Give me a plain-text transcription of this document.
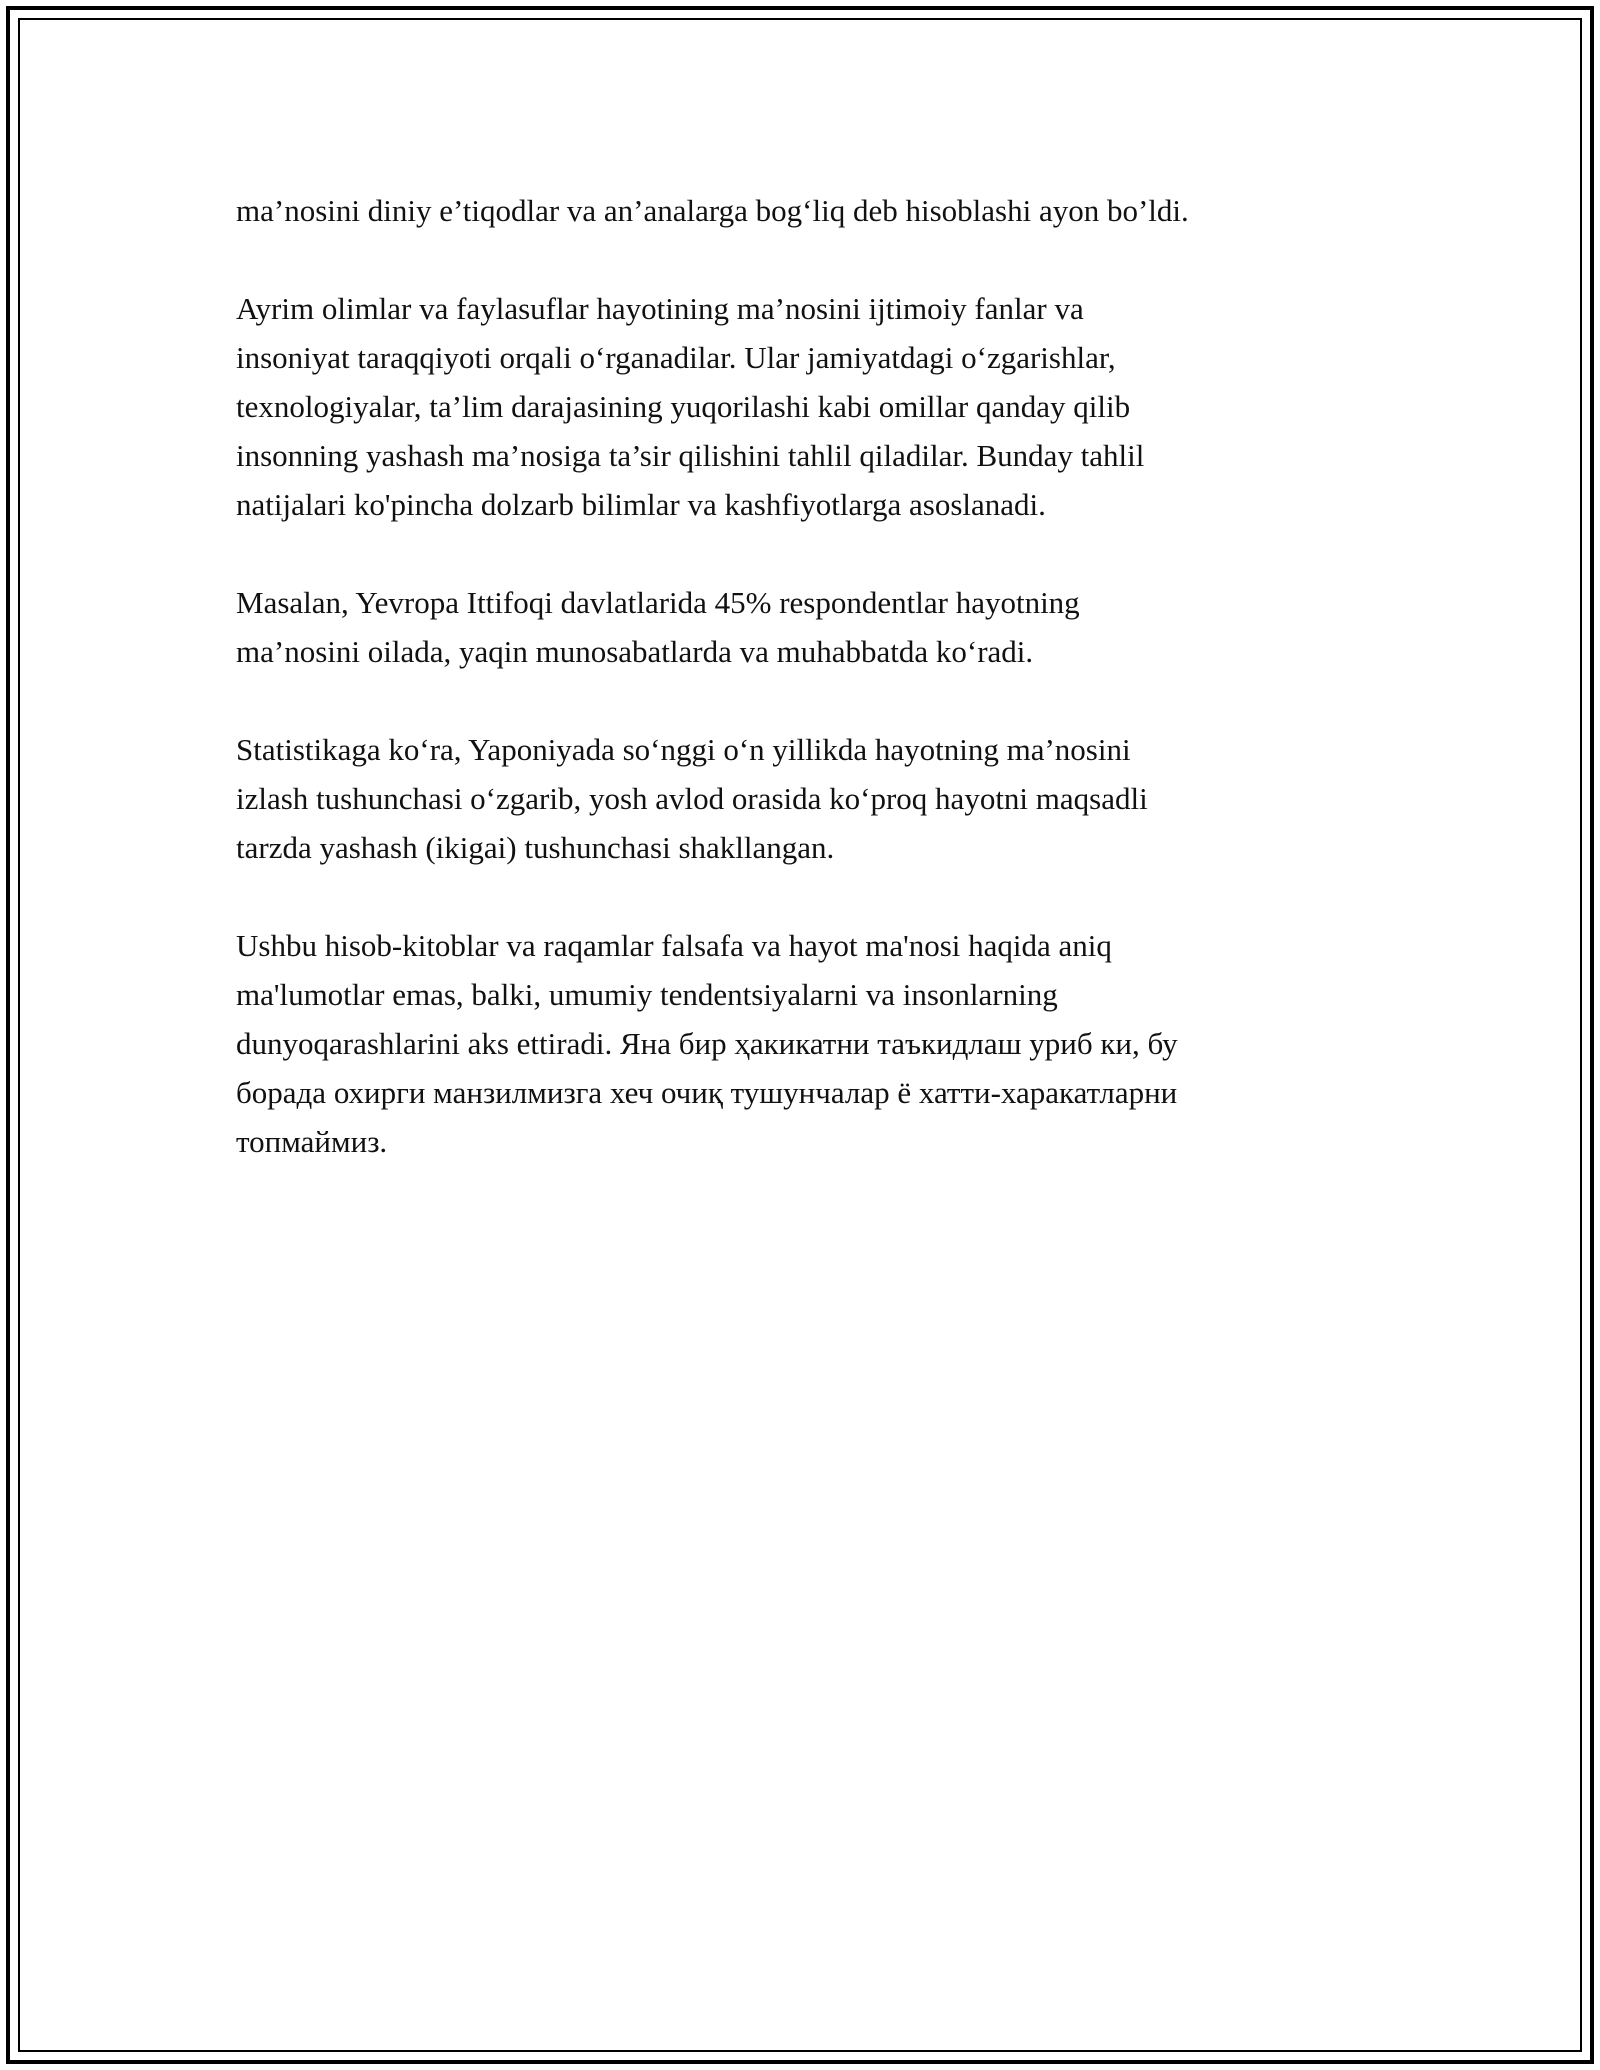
ma’nosini diniy e’tiqodlar va an’analarga bog‘liq deb hisoblashi ayon bo’ldi.

Ayrim olimlar va faylasuflar hayotining ma’nosini ijtimoiy fanlar va
insoniyat taraqqiyoti orqali o‘rganadilar. Ular jamiyatdagi o‘zgarishlar,
texnologiyalar, ta’lim darajasining yuqorilashi kabi omillar qanday qilib
insonning yashash ma’nosiga ta’sir qilishini tahlil qiladilar. Bunday tahlil
natijalari ko'pincha dolzarb bilimlar va kashfiyotlarga asoslanadi.

Masalan, Yevropa Ittifoqi davlatlarida 45% respondentlar hayotning
ma’nosini oilada, yaqin munosabatlarda va muhabbatda ko‘radi.

Statistikaga ko‘ra, Yaponiyada so‘nggi o‘n yillikda hayotning ma’nosini
izlash tushunchasi o‘zgarib, yosh avlod orasida ko‘proq hayotni maqsadli
tarzda yashash (ikigai) tushunchasi shakllangan.

Ushbu hisob-kitoblar va raqamlar falsafa va hayot ma'nosi haqida aniq
ma'lumotlar emas, balki, umumiy tendentsiyalarni va insonlarning
dunyoqarashlarini aks ettiradi. Яна бир ҳакикатни таъкидлаш уриб ки, бу
борада охирги манзилмизга хеч очиқ тушунчалар ё хатти-харакатларни
топмаймиз.
